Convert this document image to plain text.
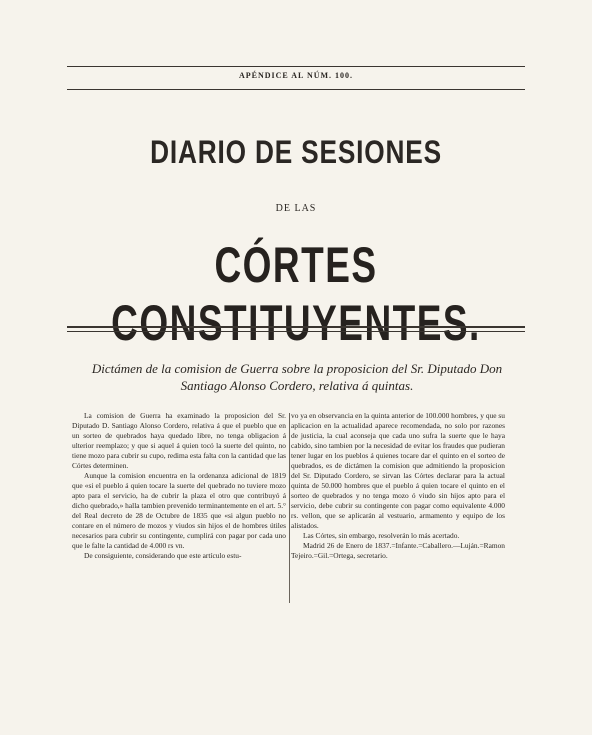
APÉNDICE AL NÚM. 100.
DIARIO DE SESIONES
DE LAS
CÓRTES CONSTITUYENTES.
Dictámen de la comision de Guerra sobre la proposicion del Sr. Diputado Don
Santiago Alonso Cordero, relativa á quintas.

La comision de Guerra ha examinado la proposicion del Sr. Diputado D. Santiago Alonso Cordero, relativa á que el pueblo que en un sorteo de quebrados haya quedado libre, no tenga obligacion á ulterior reemplazo; y que si aquel á quien tocó la suerte del quinto, no tiene mozo para cubrir su cupo, redima esta falta con la cantidad que las Córtes determinen.

Aunque la comision encuentra en la ordenanza adicional de 1819 que «si el pueblo á quien tocare la suerte del quebrado no tuviere mozo apto para el servicio, ha de cubrir la plaza el otro que contribuyó á dicho quebrado,» halla tambien prevenido terminantemente en el art. 5.° del Real decreto de 28 de Octubre de 1835 que «si algun pueblo no contare en el número de mozos y viudos sin hijos el de hombres útiles necesarios para cubrir su contingente, cumplirá con pagar por cada uno que le falte la cantidad de 4.000 rs vn.

De consiguiente, considerando que este artículo estu-

vo ya en observancia en la quinta anterior de 100.000 hombres, y que su aplicacion en la actualidad aparece recomendada, no solo por razones de justicia, la cual aconseja que cada uno sufra la suerte que le haya cabido, sino tambien por la necesidad de evitar los fraudes que pudieran tener lugar en los pueblos á quienes tocare dar el quinto en el sorteo de quebrados, es de dictámen la comision que admitiendo la proposicion del Sr. Diputado Cordero, se sirvan las Córtes declarar para la actual quinta de 50.000 hombres que el pueblo á quien tocare el quinto en el sorteo de quebrados y no tenga mozo ó viudo sin hijos apto para el servicio, debe cubrir su contingente con pagar como equivalente 4.000 rs. vellon, que se aplicarán al vestuario, armamento y equipo de los alistados.

Las Córtes, sin embargo, resolverán lo más acertado.

Madrid 26 de Enero de 1837.=Infante.=Caballero.—Luján.=Ramon Tejeiro.=Gil.=Ortega, secretario.
